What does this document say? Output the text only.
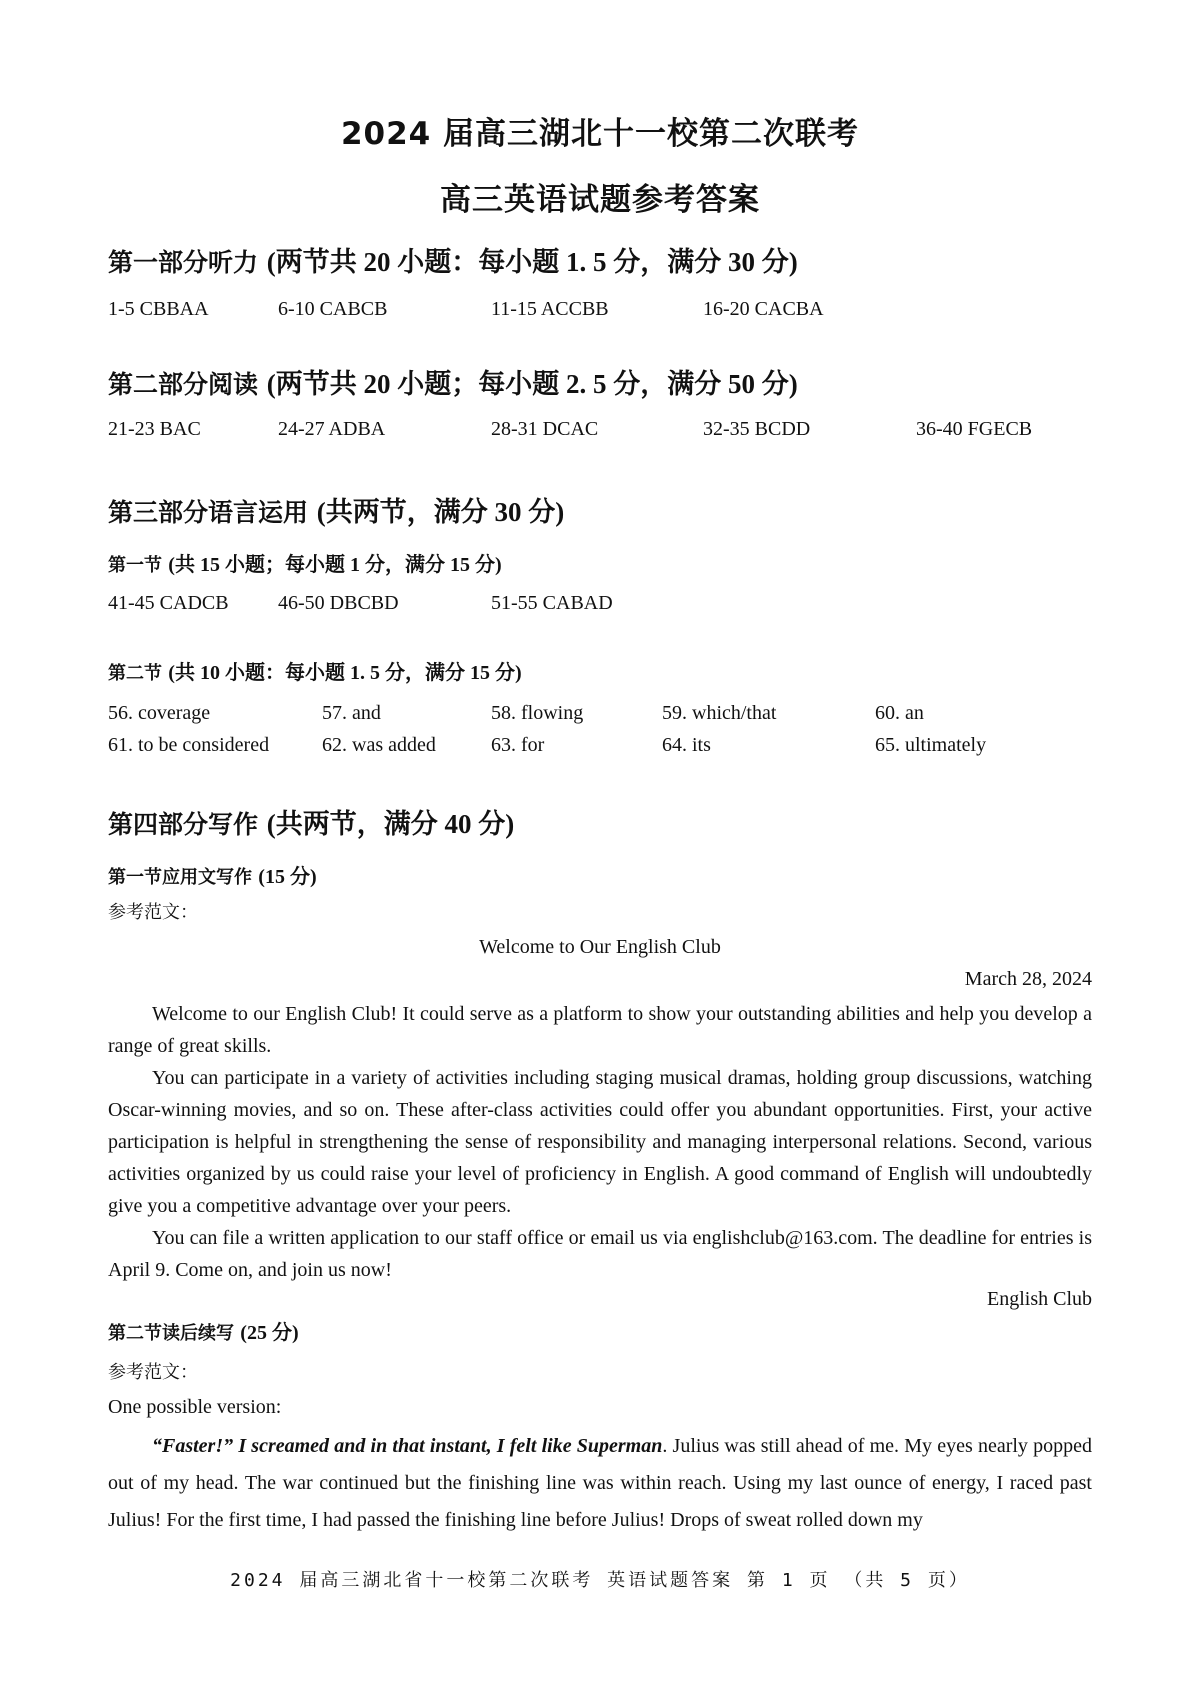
2024 届高三湖北十一校第二次联考
高三英语试题参考答案
第一部分听力 (两节共 20 小题：每小题 1. 5 分，满分 30 分)
1-5 CBBAA	6-10 CABCB	11-15 ACCBB	16-20 CACBA
第二部分阅读 (两节共 20 小题；每小题 2. 5 分，满分 50 分)
21-23 BAC	24-27 ADBA	28-31 DCAC	32-35 BCDD	36-40 FGECB
第三部分语言运用 (共两节，满分 30 分)
第一节 (共 15 小题；每小题 1 分，满分 15 分)
41-45 CADCB 46-50 DBCBD	51-55 CABAD
第二节 (共 10 小题：每小题 1. 5 分，满分 15 分)
56. coverage	57. and	58. flowing	59. which/that	60. an
61. to be considered	62. was added	63. for	64. its	65. ultimately
第四部分写作 (共两节，满分 40 分)
第一节应用文写作 (15 分)
参考范文：
Welcome to Our English Club
March 28, 2024

Welcome to our English Club! It could serve as a platform to show your outstanding abilities and help you develop a range of great skills.

You can participate in a variety of activities including staging musical dramas, holding group discussions, watching Oscar-winning movies, and so on. These after-class activities could offer you abundant opportunities. First, your active participation is helpful in strengthening the sense of responsibility and managing interpersonal relations. Second, various activities organized by us could raise your level of proficiency in English. A good command of English will undoubtedly give you a competitive advantage over your peers.

You can file a written application to our staff office or email us via englishclub@163.com. The deadline for entries is April 9. Come on, and join us now!

English Club
第二节读后续写 (25 分)
参考范文：
One possible version:

“Faster!” I screamed and in that instant, I felt like Superman. Julius was still ahead of me. My eyes nearly popped out of my head. The war continued but the finishing line was within reach. Using my last ounce of energy, I raced past Julius! For the first time, I had passed the finishing line before Julius! Drops of sweat rolled down my

2024 届高三湖北省十一校第二次联考 英语试题答案 第 1 页 （共 5 页）
